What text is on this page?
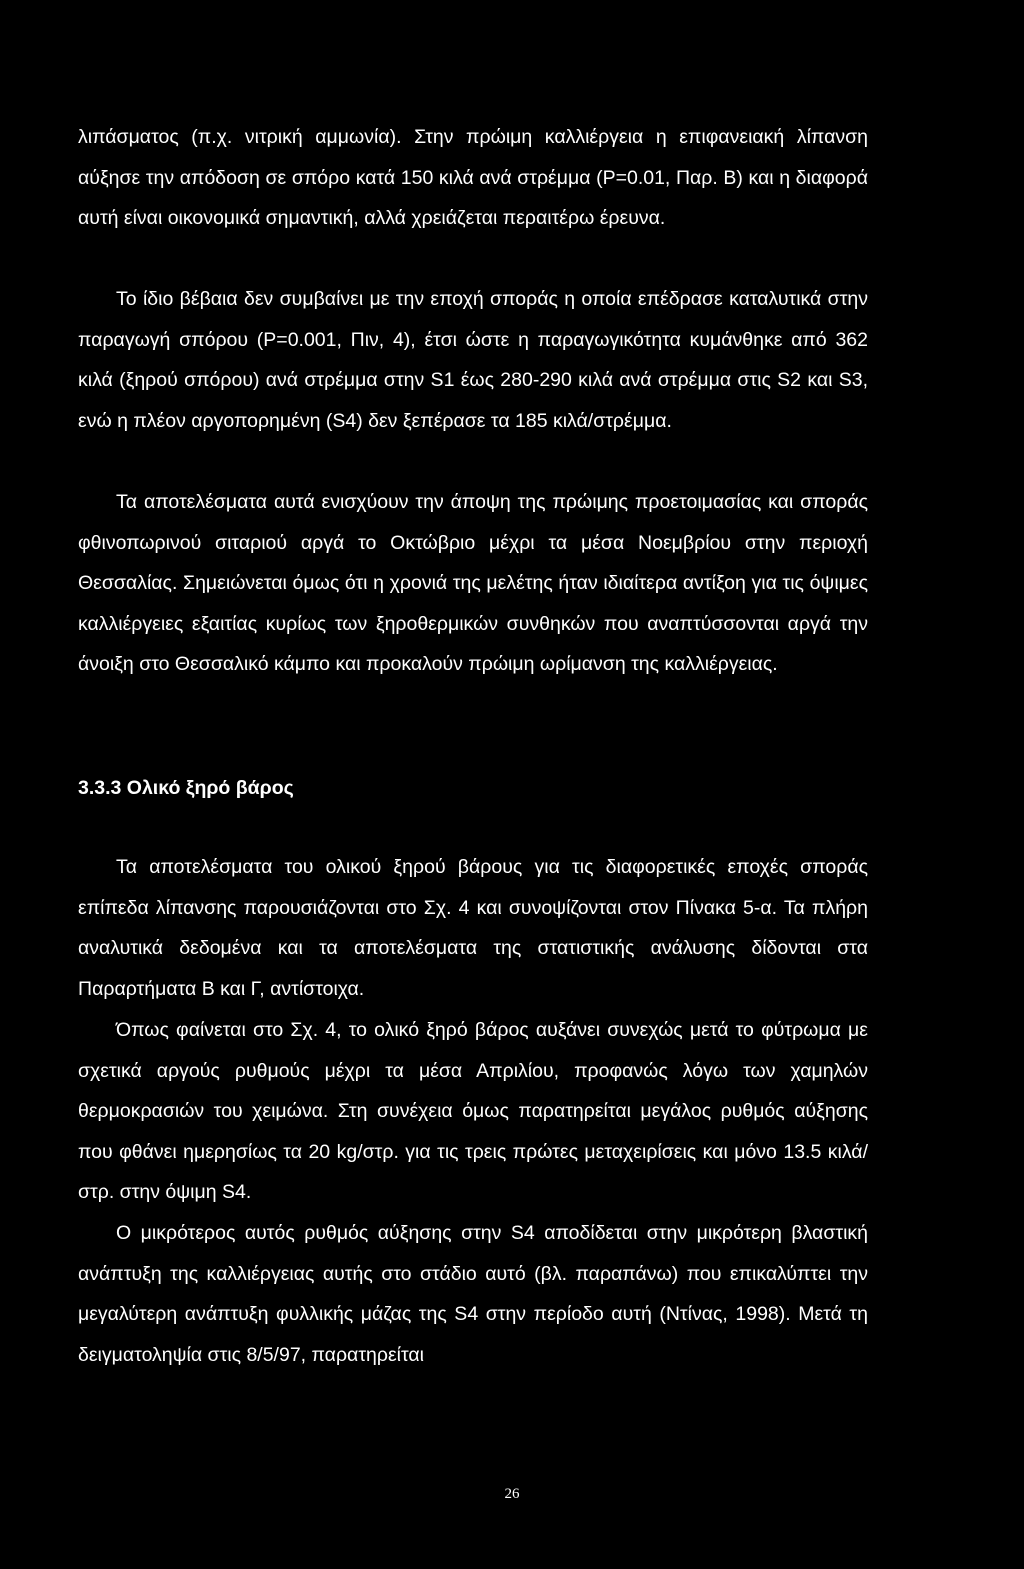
λιπάσματος (π.χ. νιτρική αμμωνία). Στην πρώιμη καλλιέργεια η επιφανειακή λίπανση αύξησε την απόδοση σε σπόρο κατά 150 κιλά ανά στρέμμα (Ρ=0.01, Παρ. Β) και η διαφορά αυτή είναι οικονομικά σημαντική, αλλά χρειάζεται περαιτέρω έρευνα.

Το ίδιο βέβαια δεν συμβαίνει με την εποχή σποράς η οποία επέδρασε καταλυτικά στην παραγωγή σπόρου (Ρ=0.001, Πιν, 4), έτσι ώστε η παραγωγικότητα κυμάνθηκε από 362 κιλά (ξηρού σπόρου) ανά στρέμμα στην S1 έως 280-290 κιλά ανά στρέμμα στις S2 και S3, ενώ η πλέον αργοπορημένη (S4) δεν ξεπέρασε τα 185 κιλά/στρέμμα.

Τα αποτελέσματα αυτά ενισχύουν την άποψη της πρώιμης προετοιμασίας και σποράς φθινοπωρινού σιταριού αργά το Οκτώβριο μέχρι τα μέσα Νοεμβρίου στην περιοχή Θεσσαλίας. Σημειώνεται όμως ότι η χρονιά της μελέτης ήταν ιδιαίτερα αντίξοη για τις όψιμες καλλιέργειες εξαιτίας κυρίως των ξηροθερμικών συνθηκών που αναπτύσσονται αργά την άνοιξη στο Θεσσαλικό κάμπο και προκαλούν πρώιμη ωρίμανση της καλλιέργειας.

3.3.3 Ολικό ξηρό βάρος

Τα αποτελέσματα του ολικού ξηρού βάρους για τις διαφορετικές εποχές σποράς επίπεδα λίπανσης παρουσιάζονται στο Σχ. 4 και συνοψίζονται στον Πίνακα 5-α. Τα πλήρη αναλυτικά δεδομένα και τα αποτελέσματα της στατιστικής ανάλυσης δίδονται στα Παραρτήματα Β και Γ, αντίστοιχα.

Όπως φαίνεται στο Σχ. 4, το ολικό ξηρό βάρος αυξάνει συνεχώς μετά το φύτρωμα με σχετικά αργούς ρυθμούς μέχρι τα μέσα Απριλίου, προφανώς λόγω των χαμηλών θερμοκρασιών του χειμώνα. Στη συνέχεια όμως παρατηρείται μεγάλος ρυθμός αύξησης που φθάνει ημερησίως τα 20 kg/στρ. για τις τρεις πρώτες μεταχειρίσεις και μόνο 13.5 κιλά/στρ. στην όψιμη S4.

Ο μικρότερος αυτός ρυθμός αύξησης στην S4 αποδίδεται στην μικρότερη βλαστική ανάπτυξη της καλλιέργειας αυτής στο στάδιο αυτό (βλ. παραπάνω) που επικαλύπτει την μεγαλύτερη ανάπτυξη φυλλικής μάζας της S4 στην περίοδο αυτή (Ντίνας, 1998). Μετά τη δειγματοληψία στις 8/5/97, παρατηρείται

26
